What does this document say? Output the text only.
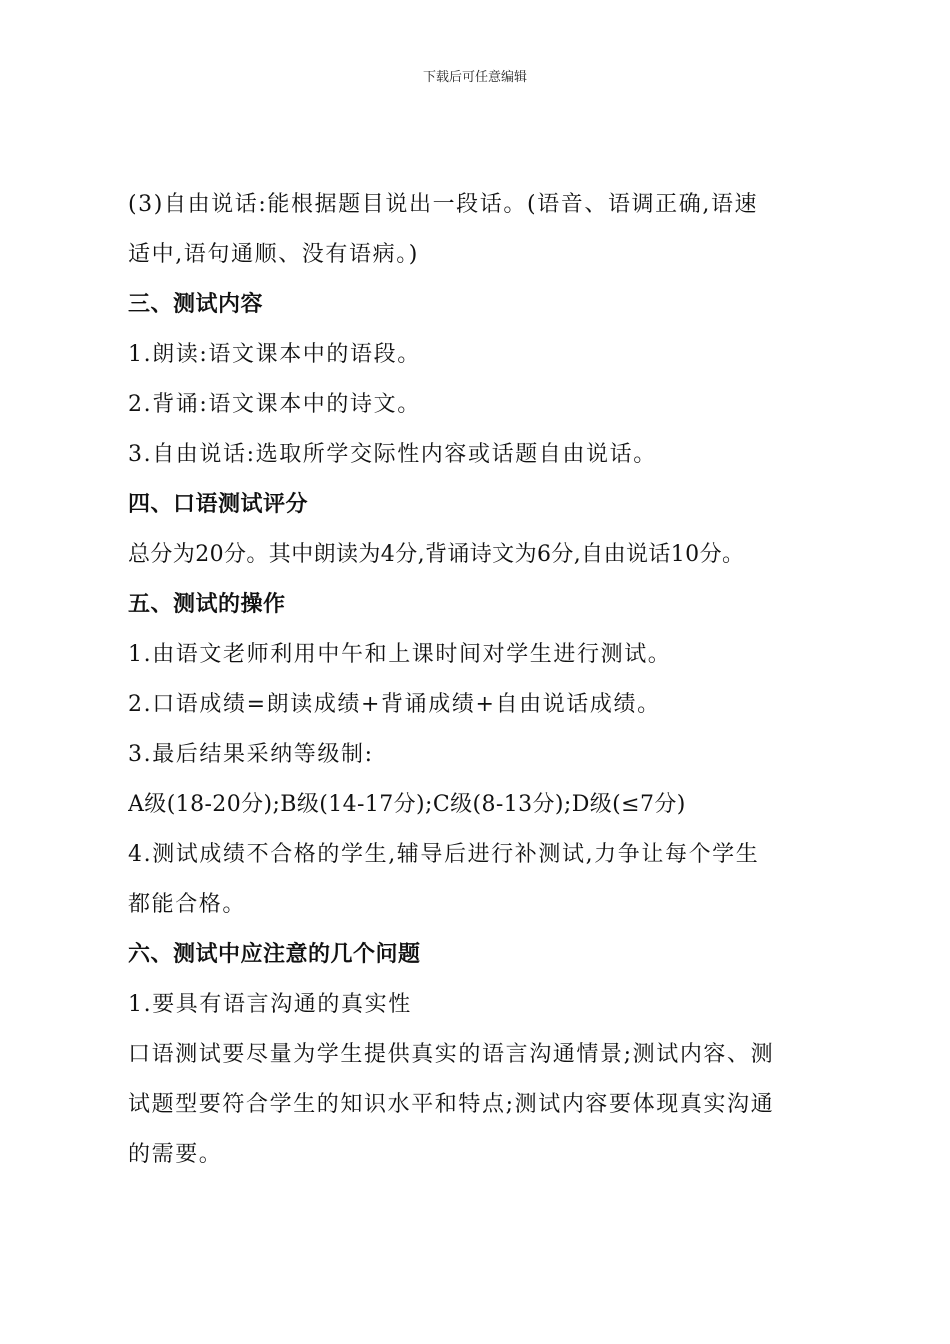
下载后可任意编辑
(3)自由说话:能根据题目说出一段话。(语音、语调正确,语速
适中,语句通顺、没有语病。)
三、测试内容
1.朗读:语文课本中的语段。
2.背诵:语文课本中的诗文。
3.自由说话:选取所学交际性内容或话题自由说话。
四、口语测试评分
总分为20分。其中朗读为4分,背诵诗文为6分,自由说话10分。
五、测试的操作
1.由语文老师利用中午和上课时间对学生进行测试。
2.口语成绩=朗读成绩+背诵成绩+自由说话成绩。
3.最后结果采纳等级制:
A级(18-20分);B级(14-17分);C级(8-13分);D级(≤7分)
4.测试成绩不合格的学生,辅导后进行补测试,力争让每个学生
都能合格。
六、测试中应注意的几个问题
1.要具有语言沟通的真实性
口语测试要尽量为学生提供真实的语言沟通情景;测试内容、测
试题型要符合学生的知识水平和特点;测试内容要体现真实沟通
的需要。
